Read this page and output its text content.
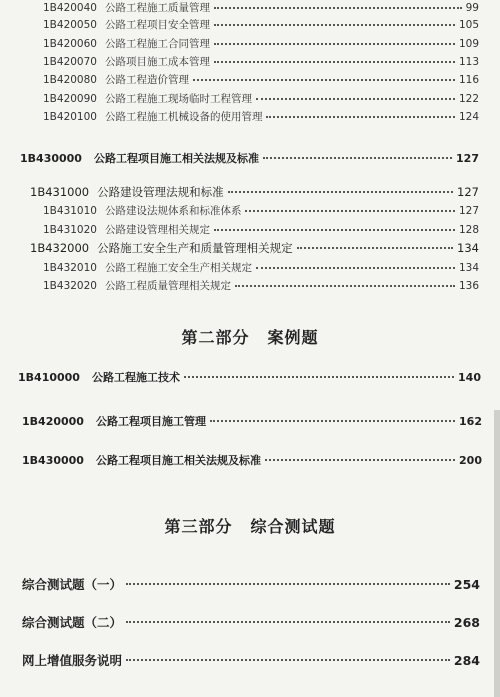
1B420040 公路工程施工质量管理	99
1B420050 公路工程项目安全管理	105
1B420060 公路工程施工合同管理	109
1B420070 公路项目施工成本管理	113
1B420080 公路工程造价管理	116
1B420090 公路工程施工现场临时工程管理	122
1B420100 公路工程施工机械设备的使用管理	124
1B430000 公路工程项目施工相关法规及标准	127
1B431000 公路建设管理法规和标准	127
1B431010 公路建设法规体系和标准体系	127
1B431020 公路建设管理相关规定	128
1B432000 公路施工安全生产和质量管理相关规定	134
1B432010 公路工程施工安全生产相关规定	134
1B432020 公路工程质量管理相关规定	136
第二部分 案例题
1B410000 公路工程施工技术	140
1B420000 公路工程项目施工管理	162
1B430000 公路工程项目施工相关法规及标准	200
第三部分 综合测试题
综合测试题（一）	254
综合测试题（二）	268
网上增值服务说明	284
